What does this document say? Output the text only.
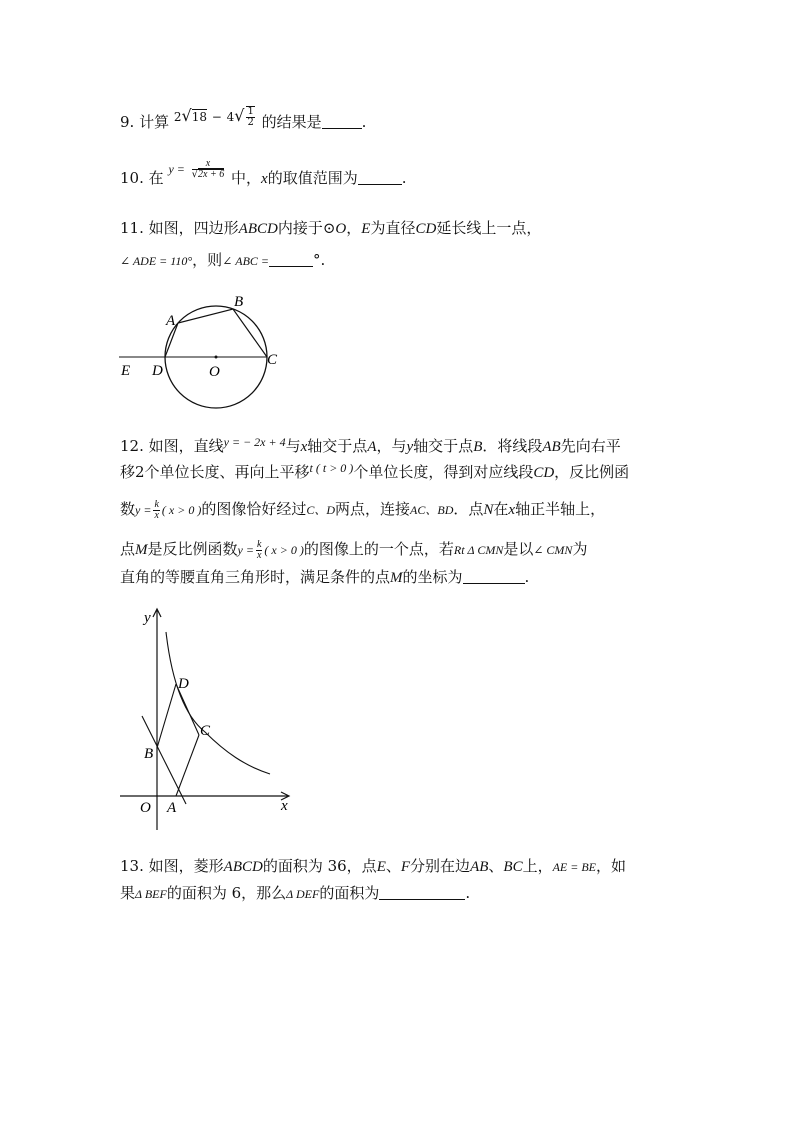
9. 计算 $2√18 - 4√ \frac{1}{2}$ 的结果是	.
10. 在 $y = \frac{x}{√2x + 6}$ 中，x的取值范围为	.
11. 如图，四边形ABCD内接于⊙O，E为直径CD延长线上一点，
∠ ADE = 110°，则∠ ABC =	°.
A
B
C
D
E	O
12. 如图，直线$^{y = - 2x + 4}$与x轴交于点A，与y轴交于点B．将线段AB先向右平
移2个单位长度、再向上平移$^{t ( t > 0 )}$个单位长度，得到对应线段CD，反比例函
数$y = \frac{k}{x}$ ( x > 0 )的图像恰好经过C、D两点，连接AC、BD．点N在x轴正半轴上，
点M是反比例函数$y = \frac{k}{x}$ ( x > 0 )的图像上的一个点，若Rt Δ CMN是以∠ CMN为
直角的等腰直角三角形时，满足条件的点M的坐标为	.
y
x
O A
B
C
D
13. 如图，菱形ABCD的面积为 36，点E、F分别在边AB、BC上，AE = BE，如
果Δ BEF的面积为 6，那么Δ DEF的面积为	.
